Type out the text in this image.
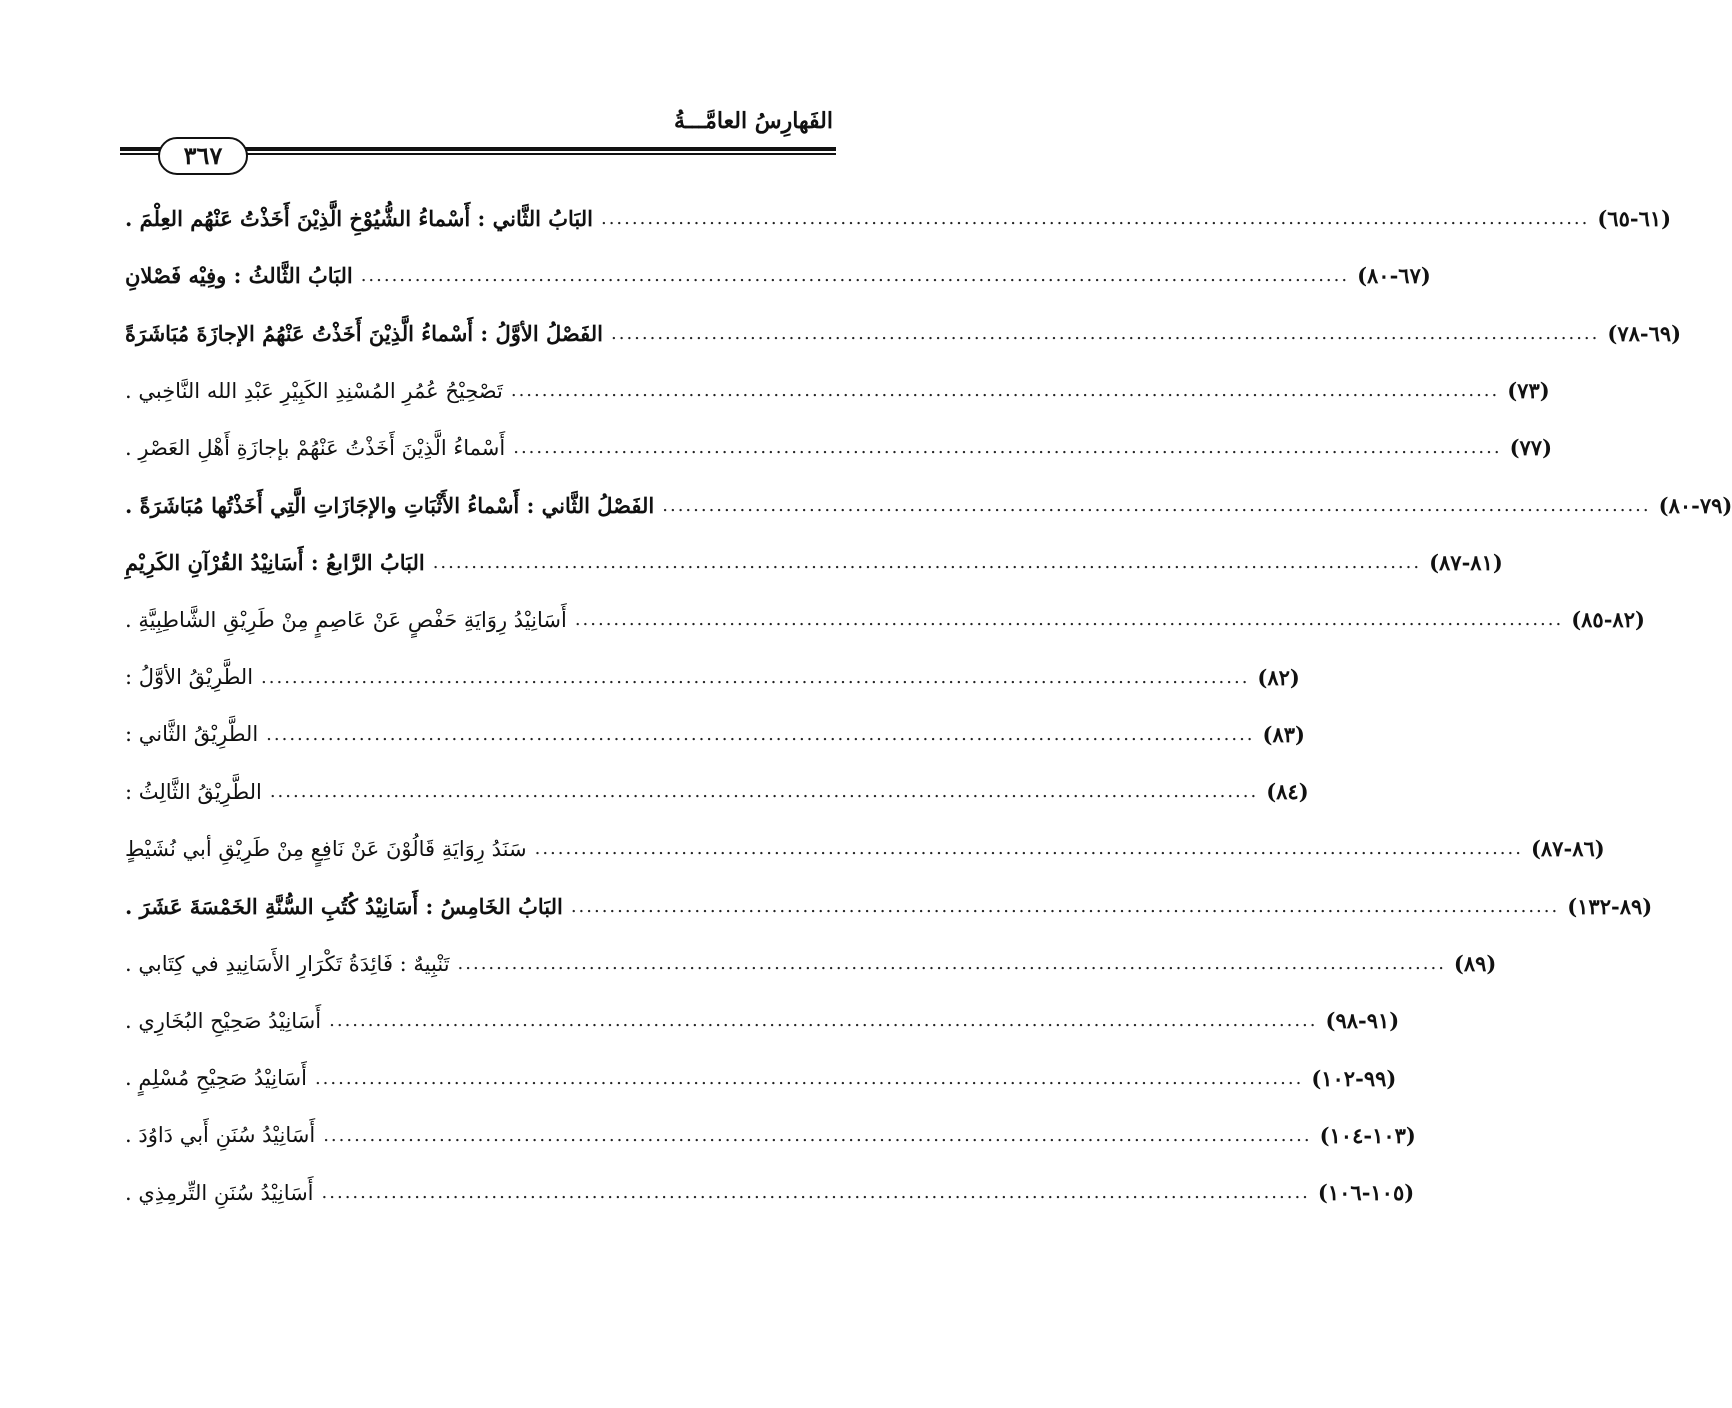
الفَهارِسُ العامَّـــةُ
٣٦٧
البَابُ الثَّاني : أَسْماءُ الشُّيُوْخِ الَّذِيْنَ أَخَذْتُ عَنْهُم العِلْمَ . ................................................................................................................................ (٦١-٦٥)
البَابُ الثَّالثُ : وفِيْه فَصْلانِ ................................................................................................................................ (٦٧-٨٠)
الفَصْلُ الأوَّلُ : أَسْماءُ الَّذِيْنَ أَخَذْتُ عَنْهُمُ الإجازَةَ مُبَاشَرَةً ................................................................................................................................ (٦٩-٧٨)
تَصْحِيْحُ عُمُرِ المُسْنِدِ الكَبِيْرِ عَبْدِ الله النَّاخِبي . ................................................................................................................................ (٧٣)
أَسْماءُ الَّذِيْنَ أَخَذْتُ عَنْهُمْ بإجازَةِ أَهْلِ العَصْرِ . ................................................................................................................................ (٧٧)
الفَصْلُ الثَّاني : أَسْماءُ الأَثْبَاتِ والإجَازَاتِ الَّتِي أَخَذْتُها مُبَاشَرَةً . ................................................................................................................................ (٧٩-٨٠)
البَابُ الرَّابعُ : أَسَانِيْدُ القُرْآنِ الكَرِيْمِ ................................................................................................................................ (٨١-٨٧)
أَسَانِيْدُ رِوَايَةِ حَفْصٍ عَنْ عَاصِمٍ مِنْ طَرِيْقِ الشَّاطِبِيَّةِ . ................................................................................................................................ (٨٢-٨٥)
الطَّرِيْقُ الأوَّلُ : ................................................................................................................................ (٨٢)
الطَّرِيْقُ الثَّاني : ................................................................................................................................ (٨٣)
الطَّرِيْقُ الثَّالِثُ : ................................................................................................................................ (٨٤)
سَنَدُ رِوَايَةِ قَالُوْنَ عَنْ نَافِعٍ مِنْ طَرِيْقِ أبي نُشَيْطٍ ................................................................................................................................ (٨٦-٨٧)
البَابُ الخَامِسُ : أَسَانِيْدُ كُتُبِ السُّنَّةِ الخَمْسَةَ عَشَرَ . ................................................................................................................................ (٨٩-١٣٢)
تَنْبِيهٌ : فَائِدَةُ تَكْرَارِ الأَسَانِيدِ في كِتَابي . ................................................................................................................................ (٨٩)
أَسَانِيْدُ صَحِيْحِ البُخَارِي . ................................................................................................................................ (٩١-٩٨)
أَسَانِيْدُ صَحِيْحِ مُسْلِمٍ . ................................................................................................................................ (٩٩-١٠٢)
أَسَانِيْدُ سُنَنِ أَبي دَاوُدَ . ................................................................................................................................ (١٠٣-١٠٤)
أَسَانِيْدُ سُنَنِ التِّرمِذِي . ................................................................................................................................ (١٠٥-١٠٦)
